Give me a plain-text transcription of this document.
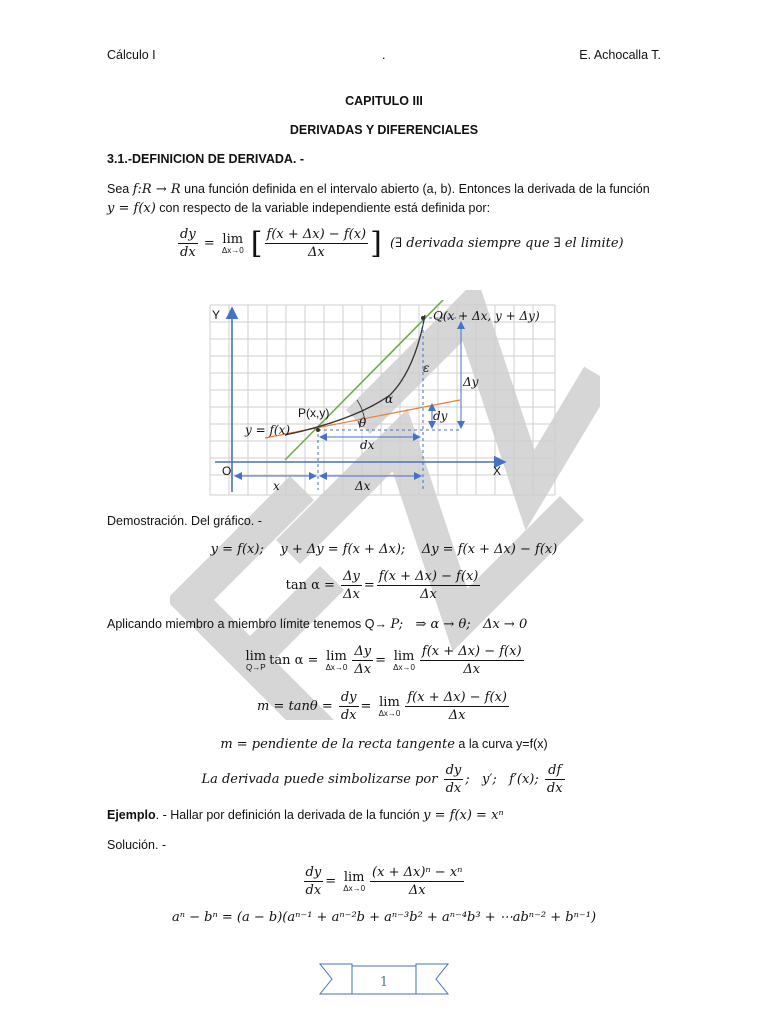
Cálculo I	.	E. Achocalla T.
CAPITULO III
DERIVADAS Y DIFERENCIALES
3.1.-DEFINICION DE DERIVADA. -
Sea f:R → R una función definida en el intervalo abierto (a, b). Entonces la derivada de la función
y = f(x) con respecto de la variable independiente está definida por:
$\frac{dy}{dx} = \lim$
Δx→0 [ $\frac{f(x + \Delta x) - f(x)}{\Delta x}$ ] (∃ derivada siempre que ∃ el limite)
Y
X
O
Q(x + Δx, y + Δy)
P(x,y)
y = f(x)
ε
α
θ	dy
dx
Δy
x	Δx
Demostración. Del gráfico. -
y = f(x);    y + Δy = f(x + Δx);    Δy = f(x + Δx) − f(x)
$\tan \alpha = \frac{\Delta y}{\Delta x} = \frac{f(x + \Delta x) - f(x)}{\Delta x}$
Aplicando miembro a miembro límite tenemos Q→ P;   ⇒ α → θ;   Δx → 0
lim
Q→P tan α = lim
$\Delta x\to 0 \frac{\Delta y}{\Delta x} = \lim$
$\Delta x\to 0 \frac{f(x + \Delta x) - f(x)}{\Delta x}$
$m = \tan\theta = \frac{dy}{dx} = \lim$
$\Delta x\to 0 \frac{f(x + \Delta x) - f(x)}{\Delta x}$
m = pendiente de la recta tangente a la curva y=f(x)
La derivada puede simbolizarse por $\frac{dy}{dx}$ ;   y′;   f′(x); $\frac{df}{dx}$
Ejemplo. - Hallar por definición la derivada de la función y = f(x) = xⁿ
Solución. -
$\frac{dy}{dx} = \lim$
$\Delta x\to 0 \frac{\text{(x + Δx)ⁿ − xⁿ}}{\Delta x}$
aⁿ − bⁿ = (a − b)(aⁿ⁻¹ + aⁿ⁻²b + aⁿ⁻³b² + aⁿ⁻⁴b³ + ⋯abⁿ⁻² + bⁿ⁻¹)
1
